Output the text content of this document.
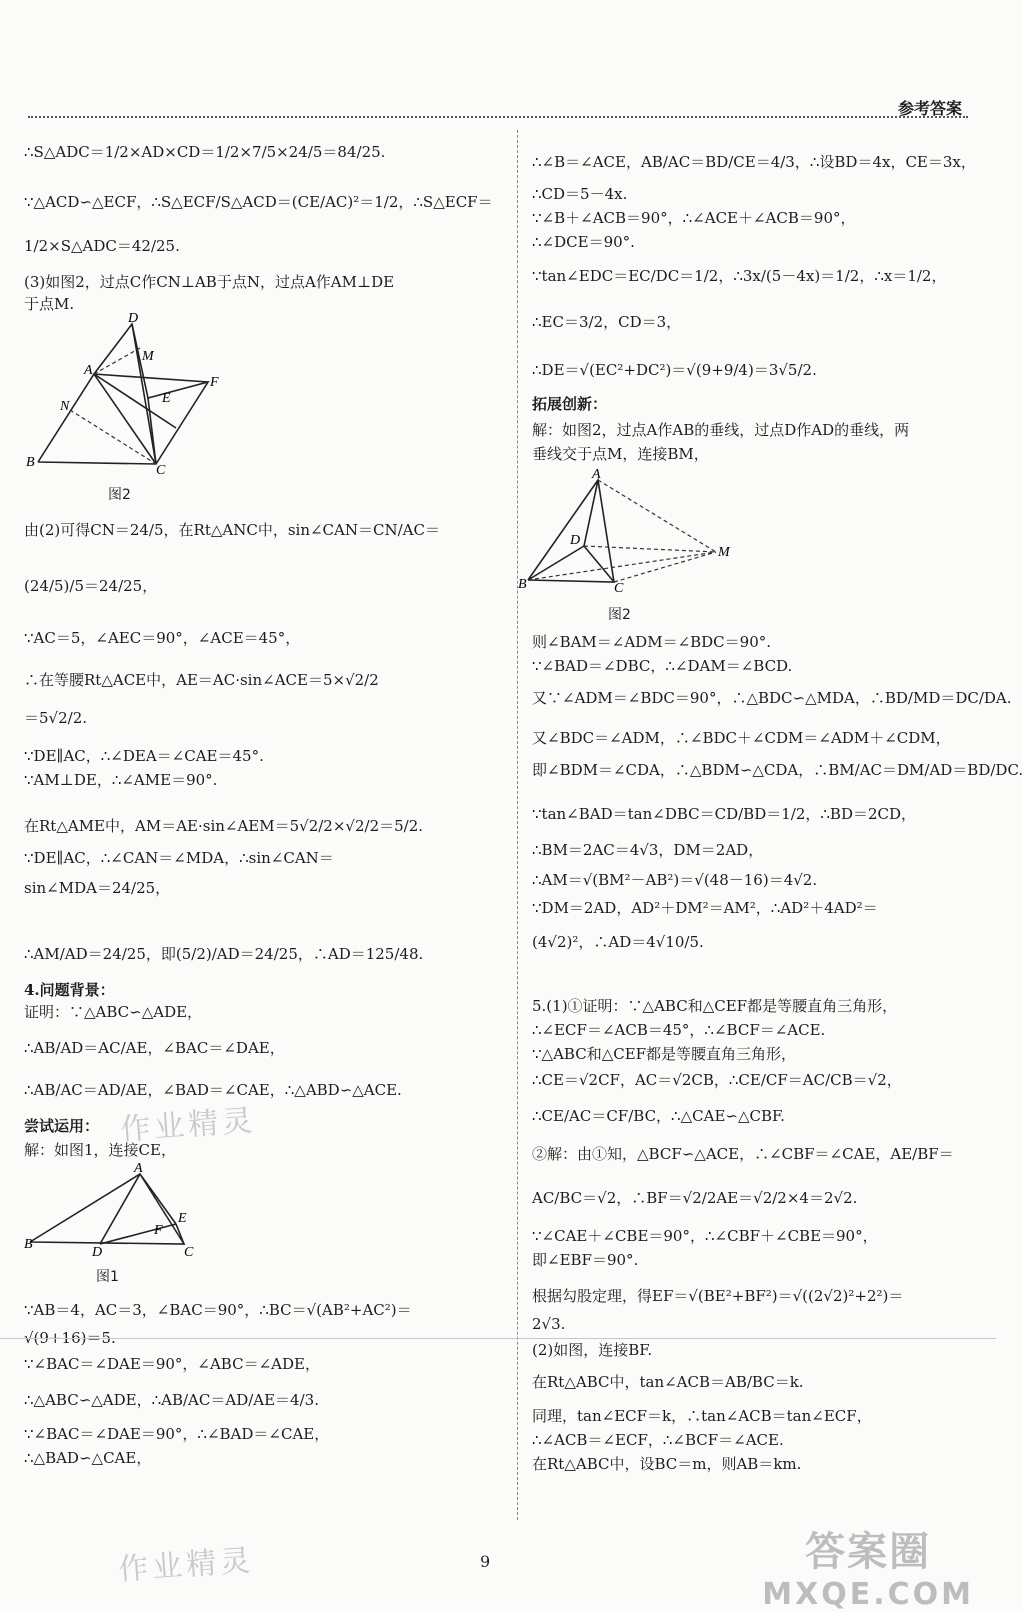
参考答案
∴S△ADC＝1/2×AD×CD＝1/2×7/5×24/5＝84/25.
∵△ACD∽△ECF，∴S△ECF/S△ACD＝(CE/AC)²＝1/2，∴S△ECF＝
1/2×S△ADC＝42/25.
(3)如图2，过点C作CN⊥AB于点N，过点A作AM⊥DE
于点M.
D
M
A
F
E
N
B
C
图2
由(2)可得CN＝24/5，在Rt△ANC中，sin∠CAN＝CN/AC＝
(24/5)/5＝24/25，
∵AC＝5，∠AEC＝90°，∠ACE＝45°，
∴在等腰Rt△ACE中，AE＝AC·sin∠ACE＝5×√2/2
＝5√2/2.
∵DE∥AC，∴∠DEA＝∠CAE＝45°.
∵AM⊥DE，∴∠AME＝90°.
在Rt△AME中，AM＝AE·sin∠AEM＝5√2/2×√2/2＝5/2.
∵DE∥AC，∴∠CAN＝∠MDA，∴sin∠CAN＝
sin∠MDA＝24/25，
∴AM/AD＝24/25，即(5/2)/AD＝24/25，∴AD＝125/48.
4.问题背景：
证明：∵△ABC∽△ADE，
∴AB/AD＝AC/AE，∠BAC＝∠DAE，
∴AB/AC＝AD/AE，∠BAD＝∠CAE，∴△ABD∽△ACE.
尝试运用：
解：如图1，连接CE，
A
B
D
E
F
C
图1
∵AB＝4，AC＝3，∠BAC＝90°，∴BC＝√(AB²+AC²)＝
√(9+16)＝5.
∵∠BAC＝∠DAE＝90°，∠ABC＝∠ADE，
∴△ABC∽△ADE，∴AB/AC＝AD/AE＝4/3.
∵∠BAC＝∠DAE＝90°，∴∠BAD＝∠CAE，
∴△BAD∽△CAE，
∴∠B＝∠ACE，AB/AC＝BD/CE＝4/3，∴设BD＝4x，CE＝3x，
∴CD＝5－4x.
∵∠B＋∠ACB＝90°，∴∠ACE＋∠ACB＝90°，
∴∠DCE＝90°.
∵tan∠EDC＝EC/DC＝1/2，∴3x/(5－4x)＝1/2，∴x＝1/2，
∴EC＝3/2，CD＝3，
∴DE＝√(EC²+DC²)＝√(9+9/4)＝3√5/2.
拓展创新：
解：如图2，过点A作AB的垂线，过点D作AD的垂线，两
垂线交于点M，连接BM，
A
D
M
B	C
图2
则∠BAM＝∠ADM＝∠BDC＝90°.
∵∠BAD＝∠DBC，∴∠DAM＝∠BCD.
又∵∠ADM＝∠BDC＝90°，∴△BDC∽△MDA，∴BD/MD＝DC/DA.
又∠BDC＝∠ADM，∴∠BDC＋∠CDM＝∠ADM＋∠CDM，
即∠BDM＝∠CDA，∴△BDM∽△CDA，∴BM/AC＝DM/AD＝BD/DC.
∵tan∠BAD＝tan∠DBC＝CD/BD＝1/2，∴BD＝2CD，
∴BM＝2AC＝4√3，DM＝2AD，
∴AM＝√(BM²－AB²)＝√(48－16)＝4√2.
∵DM＝2AD，AD²＋DM²＝AM²，∴AD²＋4AD²＝
(4√2)²，∴AD＝4√10/5.
5.(1)①证明：∵△ABC和△CEF都是等腰直角三角形，
∴∠ECF＝∠ACB＝45°，∴∠BCF＝∠ACE.
∵△ABC和△CEF都是等腰直角三角形，
∴CE＝√2CF，AC＝√2CB，∴CE/CF＝AC/CB＝√2，
∴CE/AC＝CF/BC，∴△CAE∽△CBF.
②解：由①知，△BCF∽△ACE，∴∠CBF＝∠CAE，AE/BF＝
AC/BC＝√2，∴BF＝√2/2AE＝√2/2×4＝2√2.
∵∠CAE＋∠CBE＝90°，∴∠CBF＋∠CBE＝90°，
即∠EBF＝90°.
根据勾股定理，得EF＝√(BE²+BF²)＝√((2√2)²+2²)＝
2√3.
(2)如图，连接BF.
在Rt△ABC中，tan∠ACB＝AB/BC＝k.
同理，tan∠ECF＝k，∴tan∠ACB＝tan∠ECF，
∴∠ACB＝∠ECF，∴∠BCF＝∠ACE.
在Rt△ABC中，设BC＝m，则AB＝km.
9
作业精灵
作业精灵	答案圈
MXQE.COM
